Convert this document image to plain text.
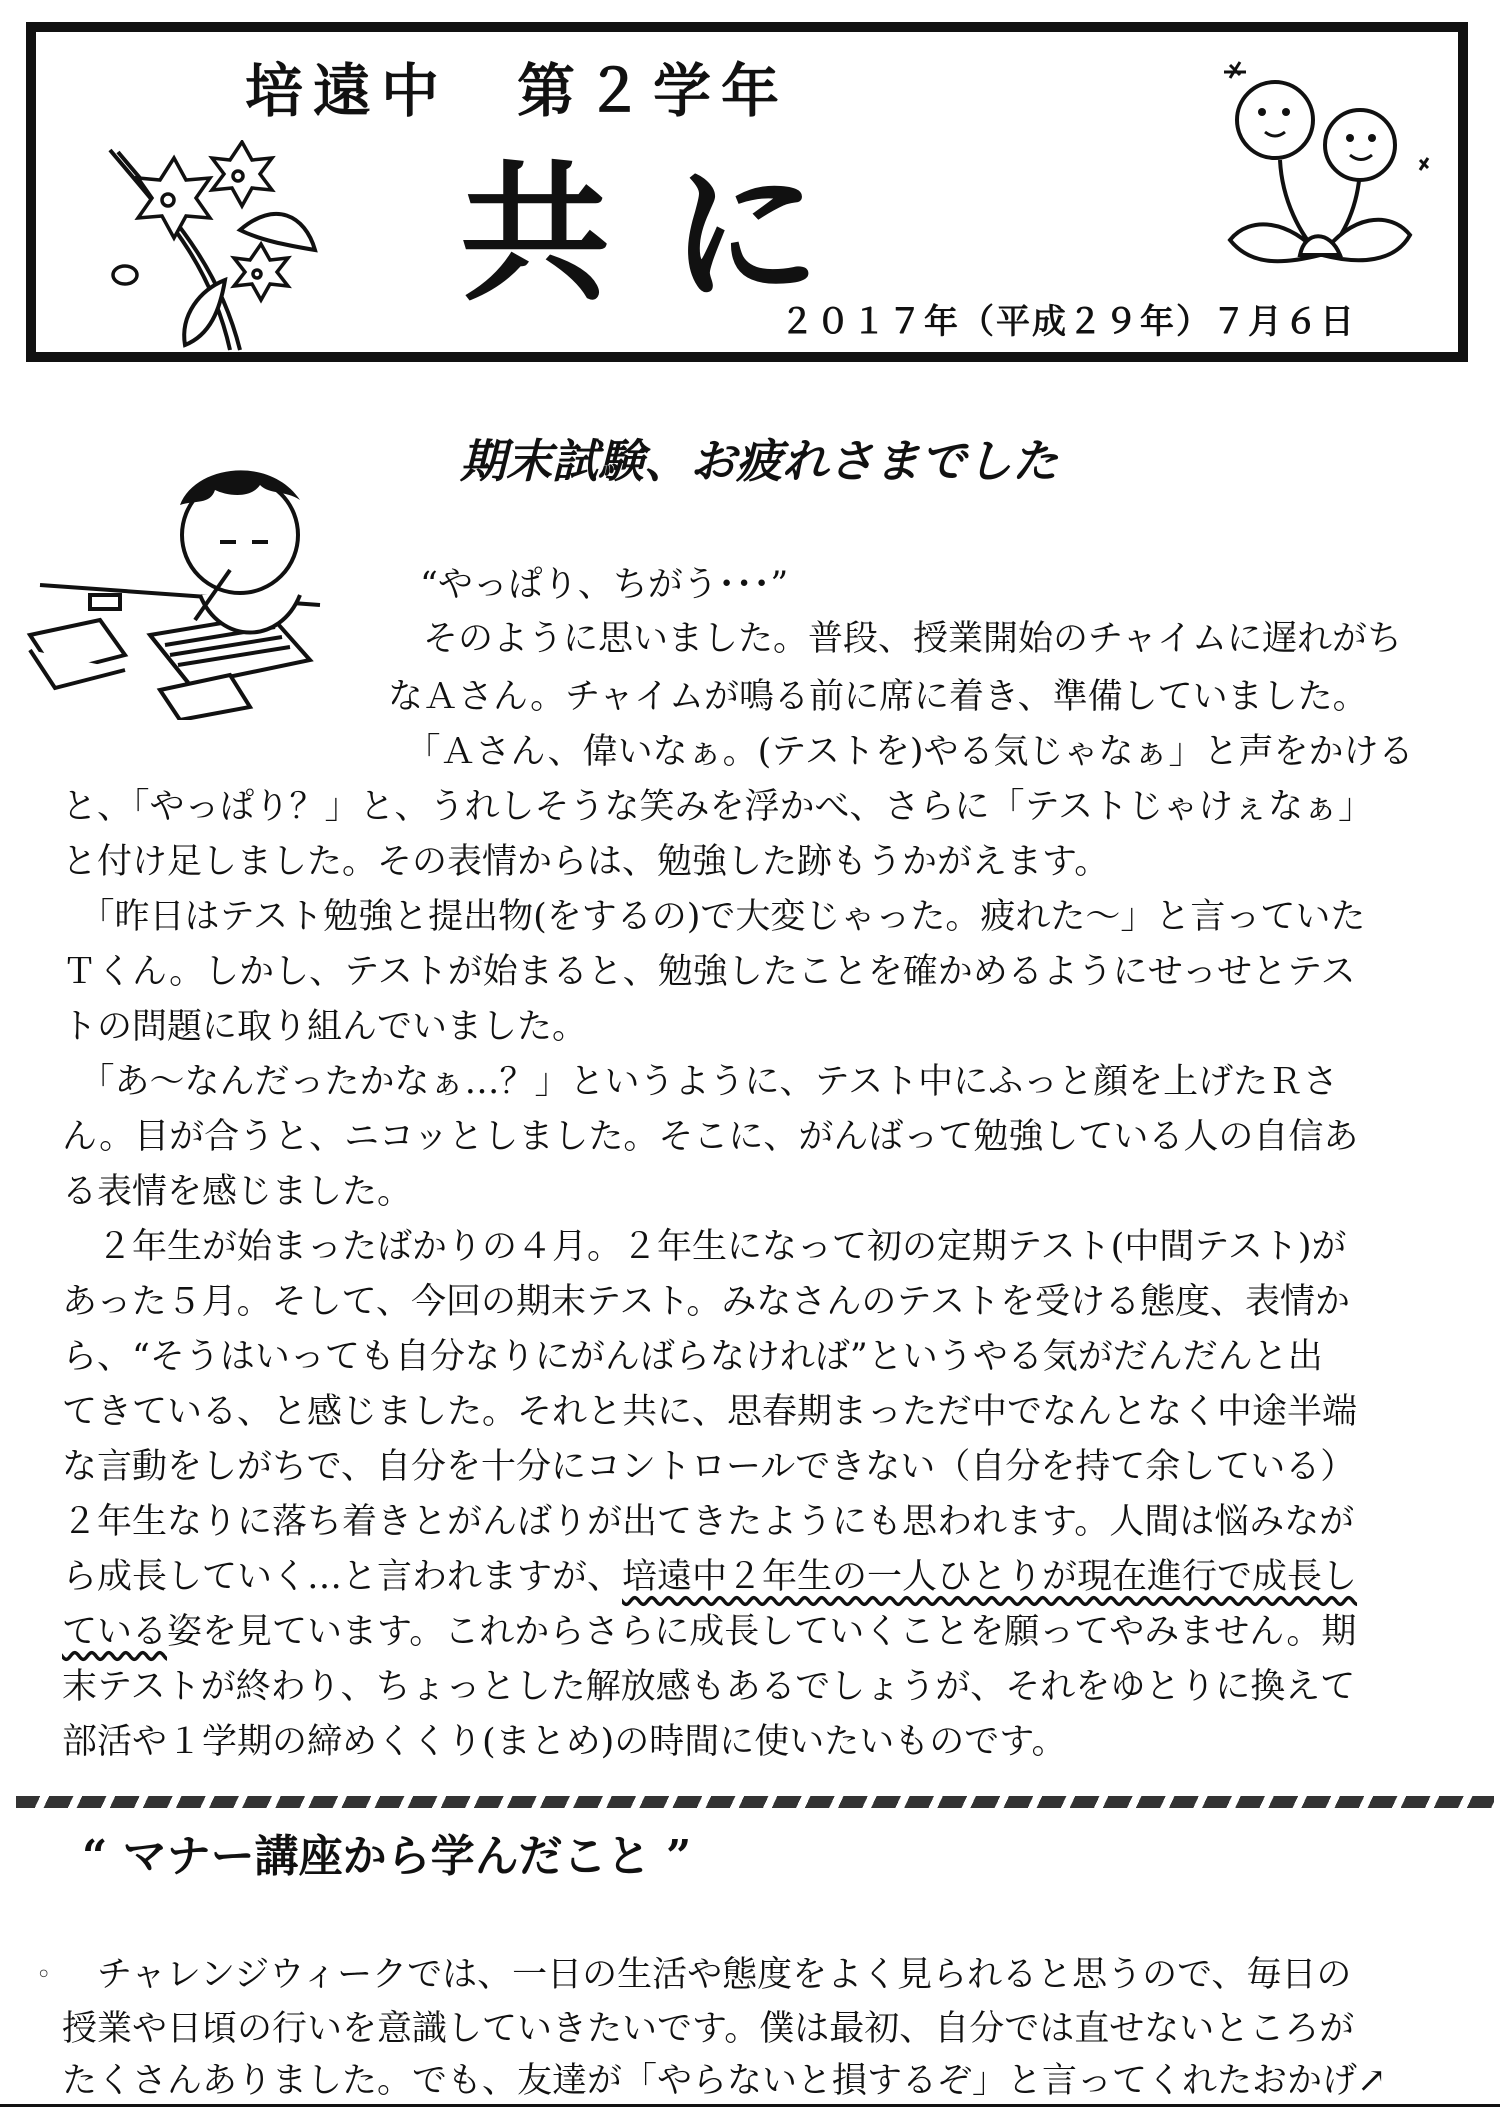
培遠中　第２学年
共に
２０１７年（平成２９年）７月６日
期末試験、お疲れさまでした
“やっぱり、ちがう･･･”
　そのように思いました。普段、授業開始のチャイムに遅れがち
なＡさん。チャイムが鳴る前に席に着き、準備していました。
　「Ａさん、偉いなぁ。(テストを)やる気じゃなぁ」と声をかける
と、「やっぱり？」と、うれしそうな笑みを浮かべ、さらに「テストじゃけぇなぁ」
と付け足しました。その表情からは、勉強した跡もうかがえます。
　「昨日はテスト勉強と提出物(をするの)で大変じゃった。疲れた〜」と言っていた
Ｔくん。しかし、テストが始まると、勉強したことを確かめるようにせっせとテス
トの問題に取り組んでいました。
　「あ〜なんだったかなぁ…？」というように、テスト中にふっと顔を上げたＲさ
ん。目が合うと、ニコッとしました。そこに、がんばって勉強している人の自信あ
る表情を感じました。
　２年生が始まったばかりの４月。２年生になって初の定期テスト(中間テスト)が
あった５月。そして、今回の期末テスト。みなさんのテストを受ける態度、表情か
ら、“そうはいっても自分なりにがんばらなければ”というやる気がだんだんと出
てきている、と感じました。それと共に、思春期まっただ中でなんとなく中途半端
な言動をしがちで、自分を十分にコントロールできない（自分を持て余している）
２年生なりに落ち着きとがんばりが出てきたようにも思われます。人間は悩みなが
ら成長していく…と言われますが、培遠中２年生の一人ひとりが現在進行で成長し
ている姿を見ています。これからさらに成長していくことを願ってやみません。期
末テストが終わり、ちょっとした解放感もあるでしょうが、それをゆとりに換えて
部活や１学期の締めくくり(まとめ)の時間に使いたいものです。
“ マナー講座から学んだこと ”
◦ 　チャレンジウィークでは、一日の生活や態度をよく見られると思うので、毎日の
授業や日頃の行いを意識していきたいです。僕は最初、自分では直せないところが
たくさんありました。でも、友達が「やらないと損するぞ」と言ってくれたおかげ↗
